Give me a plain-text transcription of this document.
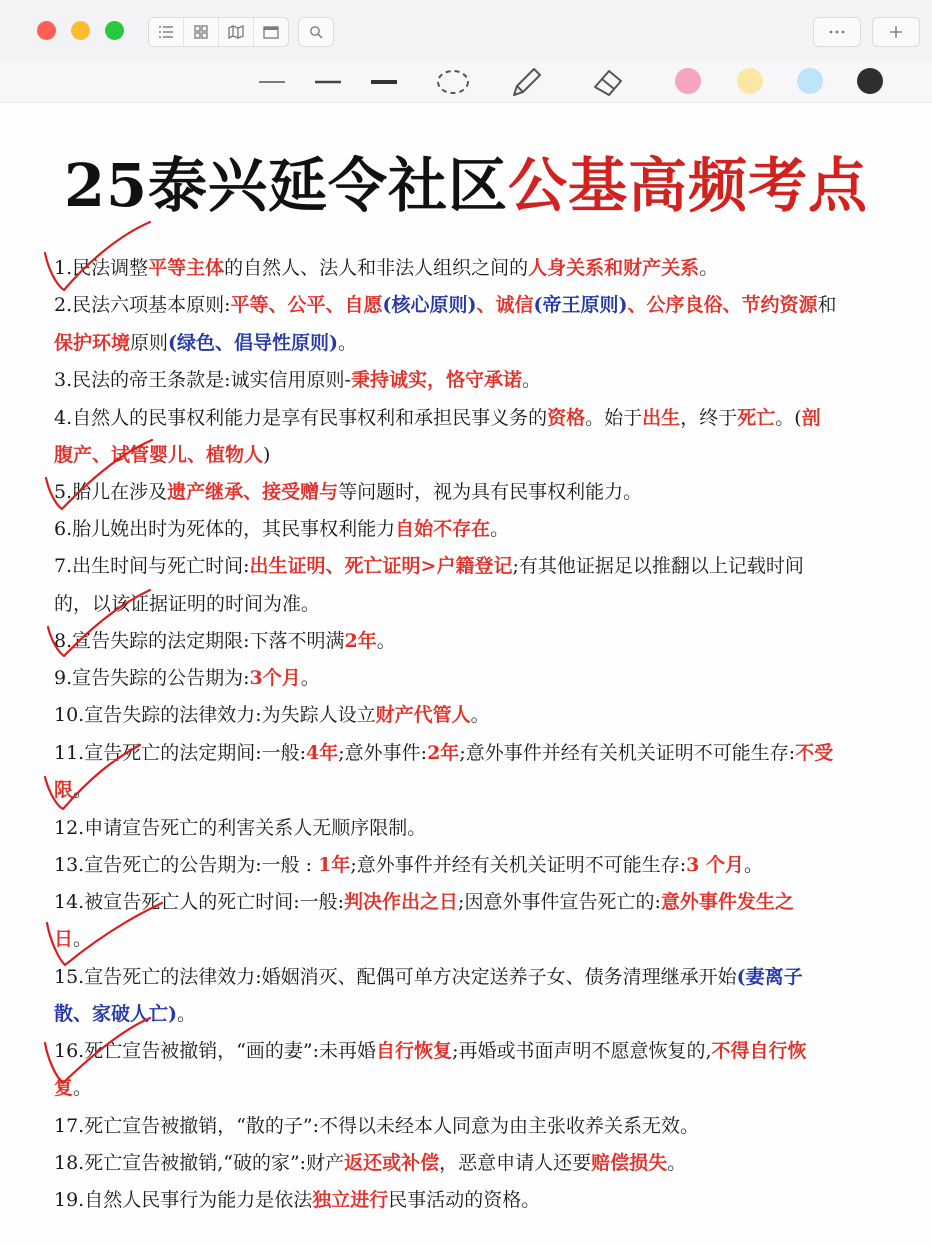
25泰兴延令社区公基高频考点
1.民法调整平等主体的自然人、法人和非法人组织之间的人身关系和财产关系。
2.民法六项基本原则:平等、公平、自愿(核心原则)、诚信(帝王原则)、公序良俗、节约资源和
保护环境原则(绿色、倡导性原则)。
3.民法的帝王条款是:诚实信用原则-秉持诚实，恪守承诺。
4.自然人的民事权利能力是享有民事权利和承担民事义务的资格。始于出生，终于死亡。(剖
腹产、试管婴儿、植物人)
5.胎儿在涉及遗产继承、接受赠与等问题时，视为具有民事权利能力。
6.胎儿娩出时为死体的，其民事权利能力自始不存在。
7.出生时间与死亡时间:出生证明、死亡证明>户籍登记;有其他证据足以推翻以上记载时间
的，以该证据证明的时间为准。
8.宣告失踪的法定期限:下落不明满2年。
9.宣告失踪的公告期为:3个月。
10.宣告失踪的法律效力:为失踪人设立财产代管人。
11.宣告死亡的法定期间:一般:4年;意外事件:2年;意外事件并经有关机关证明不可能生存:不受
限。
12.申请宣告死亡的利害关系人无顺序限制。
13.宣告死亡的公告期为:一般 : 1年;意外事件并经有关机关证明不可能生存:3 个月。
14.被宣告死亡人的死亡时间:一般:判决作出之日;因意外事件宣告死亡的:意外事件发生之
日。
15.宣告死亡的法律效力:婚姻消灭、配偶可单方决定送养子女、债务清理继承开始(妻离子
散、家破人亡)。
16.死亡宣告被撤销，“画的妻”:未再婚自行恢复;再婚或书面声明不愿意恢复的,不得自行恢
复。
17.死亡宣告被撤销，“散的子”:不得以未经本人同意为由主张收养关系无效。
18.死亡宣告被撤销,“破的家”:财产返还或补偿，恶意申请人还要赔偿损失。
19.自然人民事行为能力是依法独立进行民事活动的资格。
